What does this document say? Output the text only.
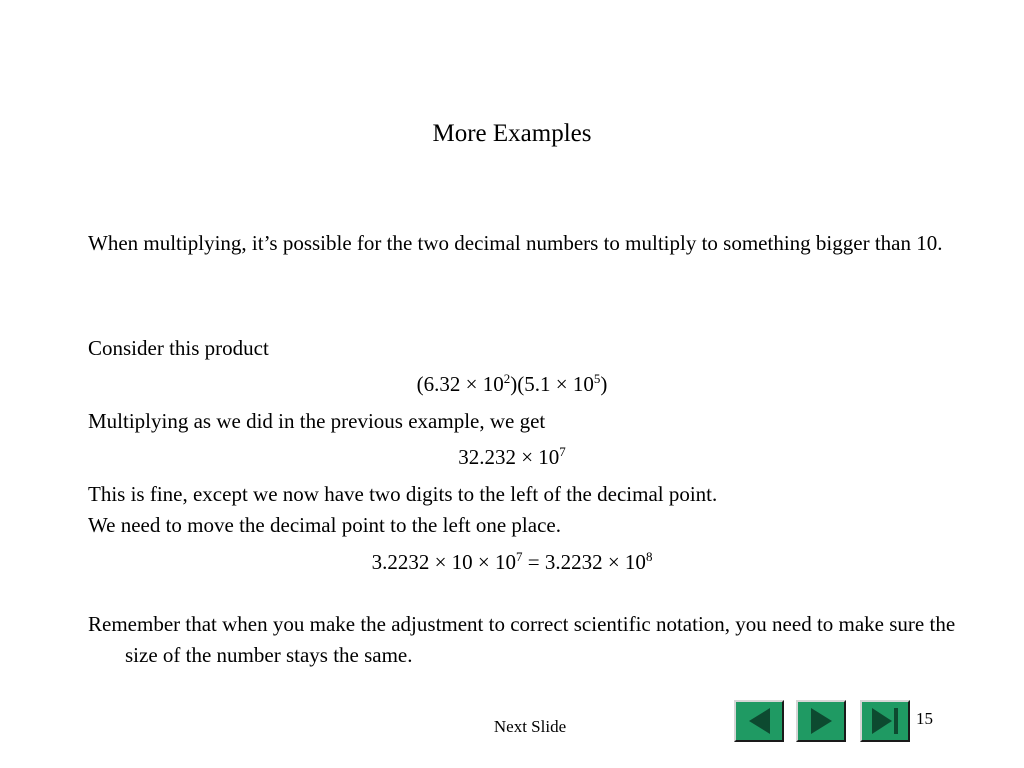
More Examples
When multiplying, it’s possible for the two decimal numbers to multiply to something bigger than 10.
Consider this product
$(6.32 \times 10^2)(5.1 \times 10^5)$
Multiplying as we did in the previous example, we get
$32.232 \times 10^7$
This is fine, except we now have two digits to the left of the decimal point.
We need to move the decimal point to the left one place.
$3.2232 \times 10 \times 10^7 = 3.2232 \times 10^8$
Remember that when you make the adjustment to correct scientific notation, you need to make sure the size of the number stays the same.
Next Slide	15
